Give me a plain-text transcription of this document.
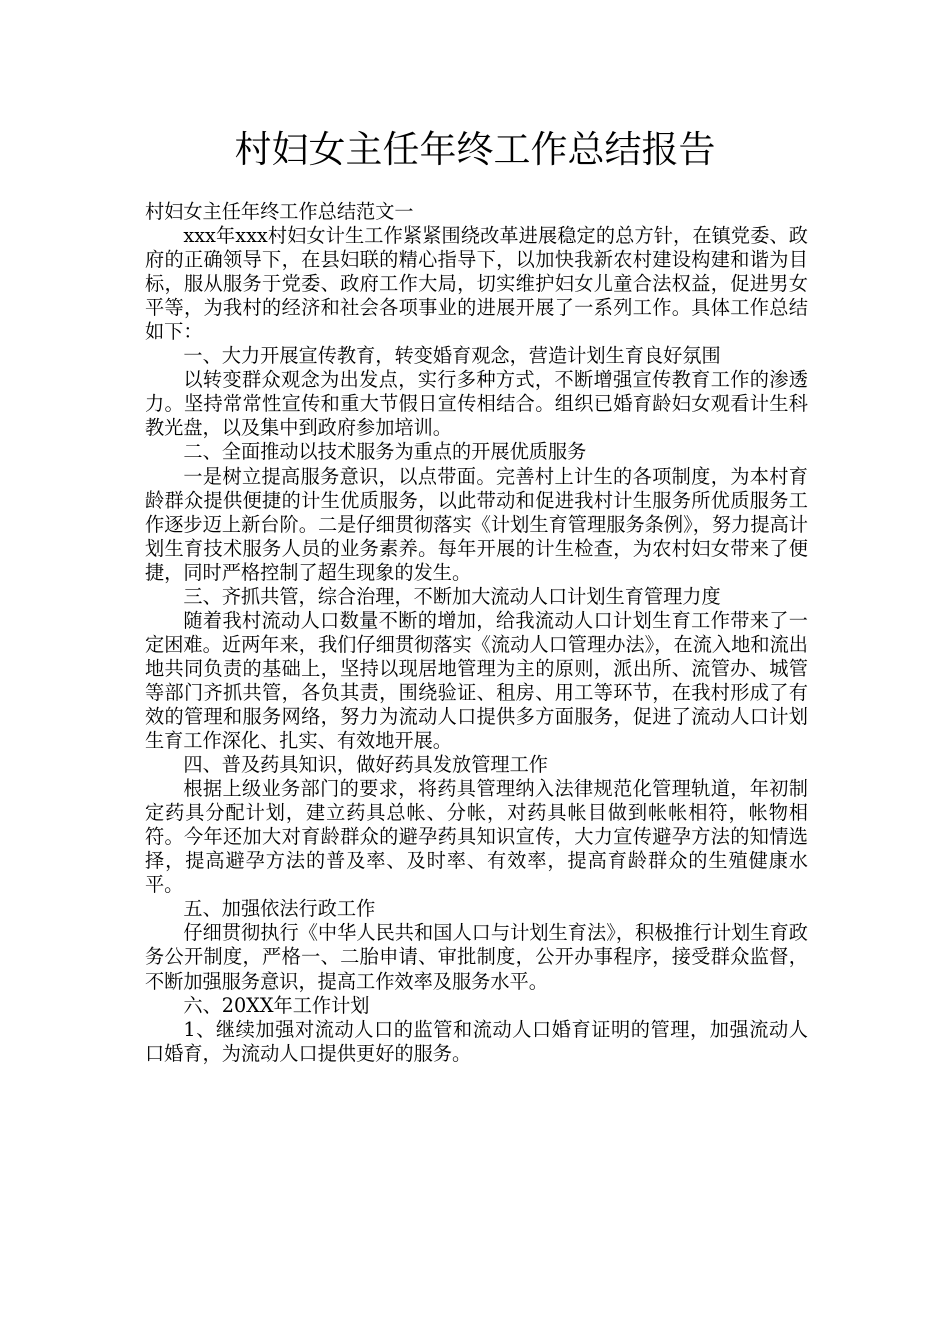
村妇女主任年终工作总结报告

村妇女主任年终工作总结范文一

xxx年xxx村妇女计生工作紧紧围绕改革进展稳定的总方针，在镇党委、政府的正确领导下，在县妇联的精心指导下，以加快我新农村建设构建和谐为目标，服从服务于党委、政府工作大局，切实维护妇女儿童合法权益，促进男女平等，为我村的经济和社会各项事业的进展开展了一系列工作。具体工作总结如下：

一、大力开展宣传教育，转变婚育观念，营造计划生育良好氛围

以转变群众观念为出发点，实行多种方式，不断增强宣传教育工作的渗透力。坚持常常性宣传和重大节假日宣传相结合。组织已婚育龄妇女观看计生科教光盘，以及集中到政府参加培训。

二、全面推动以技术服务为重点的开展优质服务

一是树立提高服务意识，以点带面。完善村上计生的各项制度，为本村育龄群众提供便捷的计生优质服务，以此带动和促进我村计生服务所优质服务工作逐步迈上新台阶。二是仔细贯彻落实《计划生育管理服务条例》，努力提高计划生育技术服务人员的业务素养。每年开展的计生检查，为农村妇女带来了便捷，同时严格控制了超生现象的发生。

三、齐抓共管，综合治理，不断加大流动人口计划生育管理力度

随着我村流动人口数量不断的增加，给我流动人口计划生育工作带来了一定困难。近两年来，我们仔细贯彻落实《流动人口管理办法》，在流入地和流出地共同负责的基础上，坚持以现居地管理为主的原则，派出所、流管办、城管等部门齐抓共管，各负其责，围绕验证、租房、用工等环节，在我村形成了有效的管理和服务网络，努力为流动人口提供多方面服务，促进了流动人口计划生育工作深化、扎实、有效地开展。

四、普及药具知识，做好药具发放管理工作

根据上级业务部门的要求，将药具管理纳入法律规范化管理轨道，年初制定药具分配计划，建立药具总帐、分帐，对药具帐目做到帐帐相符，帐物相符。今年还加大对育龄群众的避孕药具知识宣传，大力宣传避孕方法的知情选择，提高避孕方法的普及率、及时率、有效率，提高育龄群众的生殖健康水平。

五、加强依法行政工作

仔细贯彻执行《中华人民共和国人口与计划生育法》，积极推行计划生育政务公开制度，严格一、二胎申请、审批制度，公开办事程序，接受群众监督，不断加强服务意识，提高工作效率及服务水平。

六、20XX年工作计划

1、继续加强对流动人口的监管和流动人口婚育证明的管理，加强流动人口婚育，为流动人口提供更好的服务。
